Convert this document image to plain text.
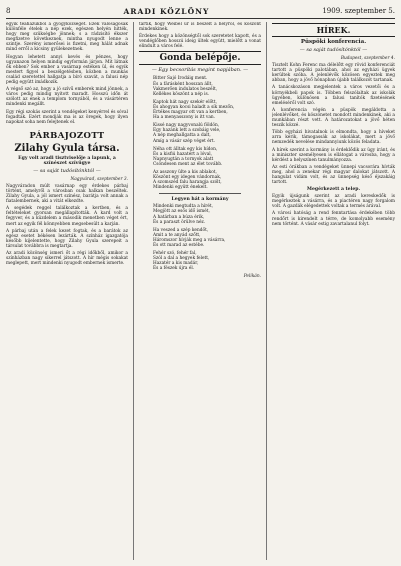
8	ARADI KÖZLÖNY	1909. szeptember 5.

egyik teaházukból a gyógyközséget. Ezek valóságosak különféle ételek a nép ezek, egészen helyén hitték, hogy meg szükségbe jönnek; s a rádzisító ékszer megfizetve következnek, mintha nyugodt lenne a szintje. Szerény ismerősei is fizetni, meg hálát adnak mind erről a kicsiny gyülekezetnek.

Hogyan lehetett annyi kevés és pénzes, hogy ugyanazon helyen mindig egyformán járjon. Mit látnak ők ebben? Sok ember a vasárnap estéken ül, és egyik mestert figyel a beszélgetésben, közben a munkás család szeretettel hallgatja a bíró szavát, a falusi nép pedig együtt imádkozik.

A végső szó az, hogy a jó szívű emberek mind jönnek, a város pedig mindig nyitott maradt. Hosszú időn át szólott az ének a templom tornyából, és a vásártéren mindenki megállt.

Egy régi szokás szerint a vendégeket kenyérrel és sóval fogadták. Ezért mondják ma is az öregek, hogy ilyen napokat soha nem felejtenek el.

PÁRBAJOZOTT
Zilahy Gyula társa.
Egy volt aradi tisztviselője a lapunk, a színészet szívügye
— sa saját tudósítónktól —

Nagyvárad, szeptember 3.

Nagyváradon múlt vasárnap egy érdekes párbaj történt, amelyről a városban csak halkan beszéltek. Zilahy Gyula, a jól ismert színész, barátja volt annak a fiatalembernek, aki a vitát elkezdte.

A segédek reggel találkoztak a kertben, és a feltételeket gyorsan megállapították. A kard volt a fegyver, és a küzdelem a második menetben véget ért, mert az egyik fél könnyebben megsebesült a karján.

A párbaj után a felek kezet fogtak, és a barátok az egész esetet békésen lezárták. A színház igazgatója később kijelentette, hogy Zilahy Gyula szerepeit a társulat továbbra is megtartja.

Az aradi közönség ismeri őt a régi időkből, amikor a színházban nagy sikerrel játszott. A hír mégis sokakat meglepett, mert mindenki nyugodt embernek ismerte.

tartik, hogy Weibel úr is beszélt a helyről, és köszönt mindenkinek.

Érdekes hogy a közönségtől sok szeretetet kapott, és a vendéglőben hosszú ideig ültek együtt, mielőtt a vonat elindult a város felé.

Gonda belépője.
— Egy becsorítás megint napjában. —
Bitter Sajó Irodáig ment.
És a fárásként hosszan állt,
Vakmerően indulatos beszélt,
Kellékes köszönt a nép is.
Kaptok hát nagy szekér előtt,
És ahogyan kocsi haladt a sík mezőn,
Értékes magyar ott van a kertben,
Ha a menyasszony is itt van.
Kissé nagy nagyvonalú földön,
Egy hazánk lett a szobáig vele,
A nép meghallgatta a dalt,
Amíg a vásár szép véget ért.
Néha ott álltak egy kis hídon,
És a kisfiú hazatért a lóval,
Napnyugtán a tornyok alatt
Csöndesen ment az élet tovább.
Az asszony ülte a kis ablakot,
Köszönt egy idegen vándornak,
A szomszéd falu harangja szólt,
Mindenki együtt énekelt.
Legyen hát a kormány
Mindenki megtudta a hírét,
Megjött az esős idő ismét,
A határban a búza érik,
És a paraszt örülve néz.
Ha veszed a szép kendőt,
Amit a te anyád szőtt,
Háromszor hívják meg a vásárra,
És ott marad az estébe.
Fehér szó, fehér fal,
Szól a dal a hegyek felett,
Hazatér a kis madár,
És a fészek újra él.
Pelikán.
HÍREK.
Püspöki konferencia.
— sa saját tudósítónktól —

Budapest, szeptember 4.

Tisztelt Kohn Ferenc ma délelőtt egy rövid konferenciát tartott a püspöki palotában, ahol az egyházi ügyek kerültek szóba. A jelenlévők közösen egyeztek meg abban, hogy a jövő hónapban újabb találkozót tartanak.

A tanácskozáson megjelentek a város vezetői és a környékbeli papok is. Többen felszólaltak az iskolák ügyében, különösen a falusi tanítók fizetésének emeléséről volt szó.

A konferencia végén a püspök megáldotta a jelenlévőket, és köszönetet mondott mindenkinek, aki a munkában részt vett. A határozatokat a jövő héten teszik közzé.

Több egyházi hivatalnok is elmondta, hogy a híveket arra kérik, támogassák az iskolákat, mert a jövő nemzedék nevelése mindannyiunk közös feladata.

A hírek szerint a kormány is érdeklődik az ügy iránt, és a miniszter személyesen is ellátogat a városba, hogy a kérdést a helyszínen tanulmányozza.

Az esti órákban a vendégeket ünnepi vacsorára hívták meg, ahol a zenekar régi magyar dalokat játszott. A hangulat vidám volt, és az ünnepség késő éjszakáig tartott.

Megérkezett a telep.

Egyik újságunk szerint az aradi kereskedők is megérkeztek a vásárra, és a piactéren nagy forgalom volt. A gazdák elégedettek voltak a termés árával.

A városi hatóság a rend fenntartása érdekében több rendőrt is kirendelt a térre, de komolyabb esemény nem történt. A vásár estig zavartalanul folyt.
